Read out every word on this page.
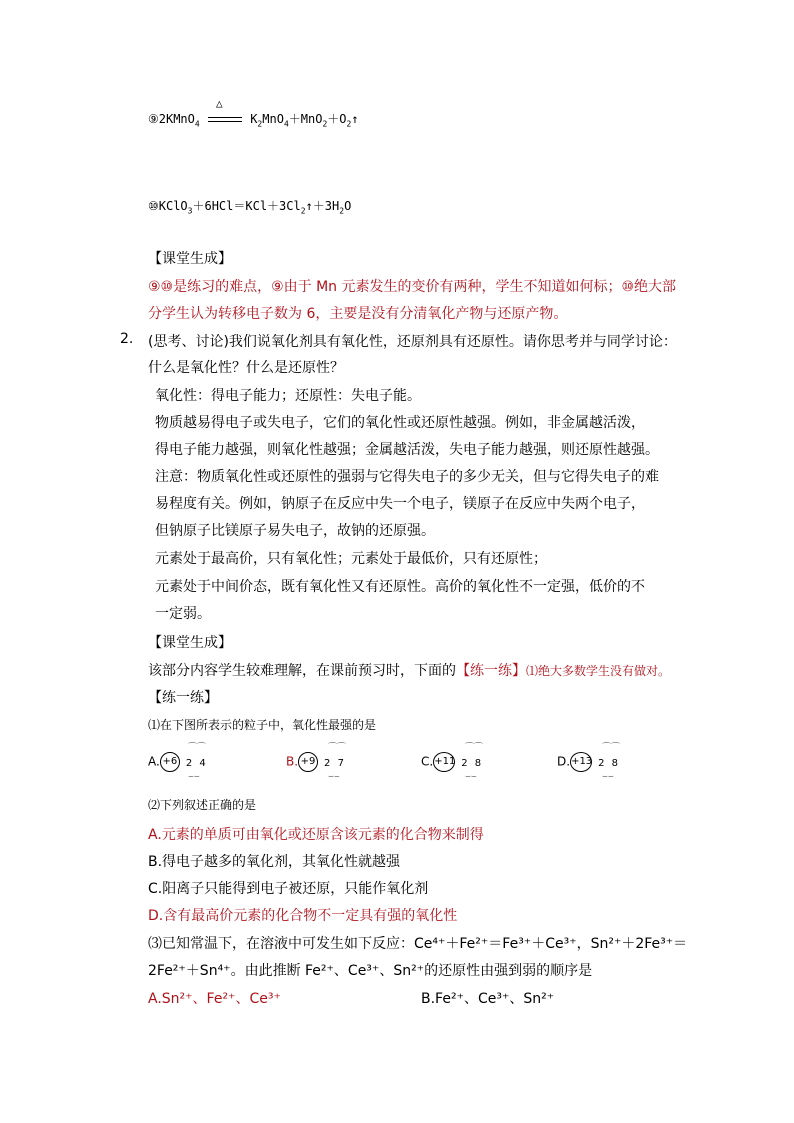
⑨2KMnO$_4$
△
$K_2MnO_4+MnO_2+O_2↑$
$⑩KClO_3+6HCl=KCl+3Cl_2↑+3H_2O$
【课堂生成】
⑨⑩是练习的难点，⑨由于 Mn 元素发生的变价有两种，学生不知道如何标；⑩绝大部
分学生认为转移电子数为 6，主要是没有分清氧化产物与还原产物。
2. (思考、讨论)我们说氧化剂具有氧化性，还原剂具有还原性。请你思考并与同学讨论：
什么是氧化性？什么是还原性？
氧化性：得电子能力；还原性：失电子能。
物质越易得电子或失电子，它们的氧化性或还原性越强。例如，非金属越活泼，
得电子能力越强，则氧化性越强；金属越活泼，失电子能力越强，则还原性越强。
注意：物质氧化性或还原性的强弱与它得失电子的多少无关，但与它得失电子的难
易程度有关。例如，钠原子在反应中失一个电子，镁原子在反应中失两个电子，
但钠原子比镁原子易失电子，故钠的还原强。
元素处于最高价，只有氧化性；元素处于最低价，只有还原性；
元素处于中间价态，既有氧化性又有还原性。高价的氧化性不一定强，低价的不
一定弱。
【课堂生成】
该部分内容学生较难理解，在课前预习时，下面的【练一练】⑴绝大多数学生没有做对。
【练一练】
⑴在下图所表示的粒子中，氧化性最强的是
A. +6 2 4	B. +9 2 7	C.+11 2 8	D.+13 2 8
⌒⌒
⌣⌣
⌒⌒
⌣⌣
⌒⌒
⌣⌣
⌒⌒
⌣⌣
⑵下列叙述正确的是
A.元素的单质可由氧化或还原含该元素的化合物来制得
B.得电子越多的氧化剂，其氧化性就越强
C.阳离子只能得到电子被还原，只能作氧化剂
D.含有最高价元素的化合物不一定具有强的氧化性
⑶已知常温下，在溶液中可发生如下反应：Ce⁴⁺＋Fe²⁺＝Fe³⁺＋Ce³⁺，Sn²⁺＋2Fe³⁺＝
2Fe²⁺＋Sn⁴⁺。由此推断 Fe²⁺、Ce³⁺、Sn²⁺的还原性由强到弱的顺序是
A.Sn²⁺、Fe²⁺、Ce³⁺	B.Fe²⁺、Ce³⁺、Sn²⁺
